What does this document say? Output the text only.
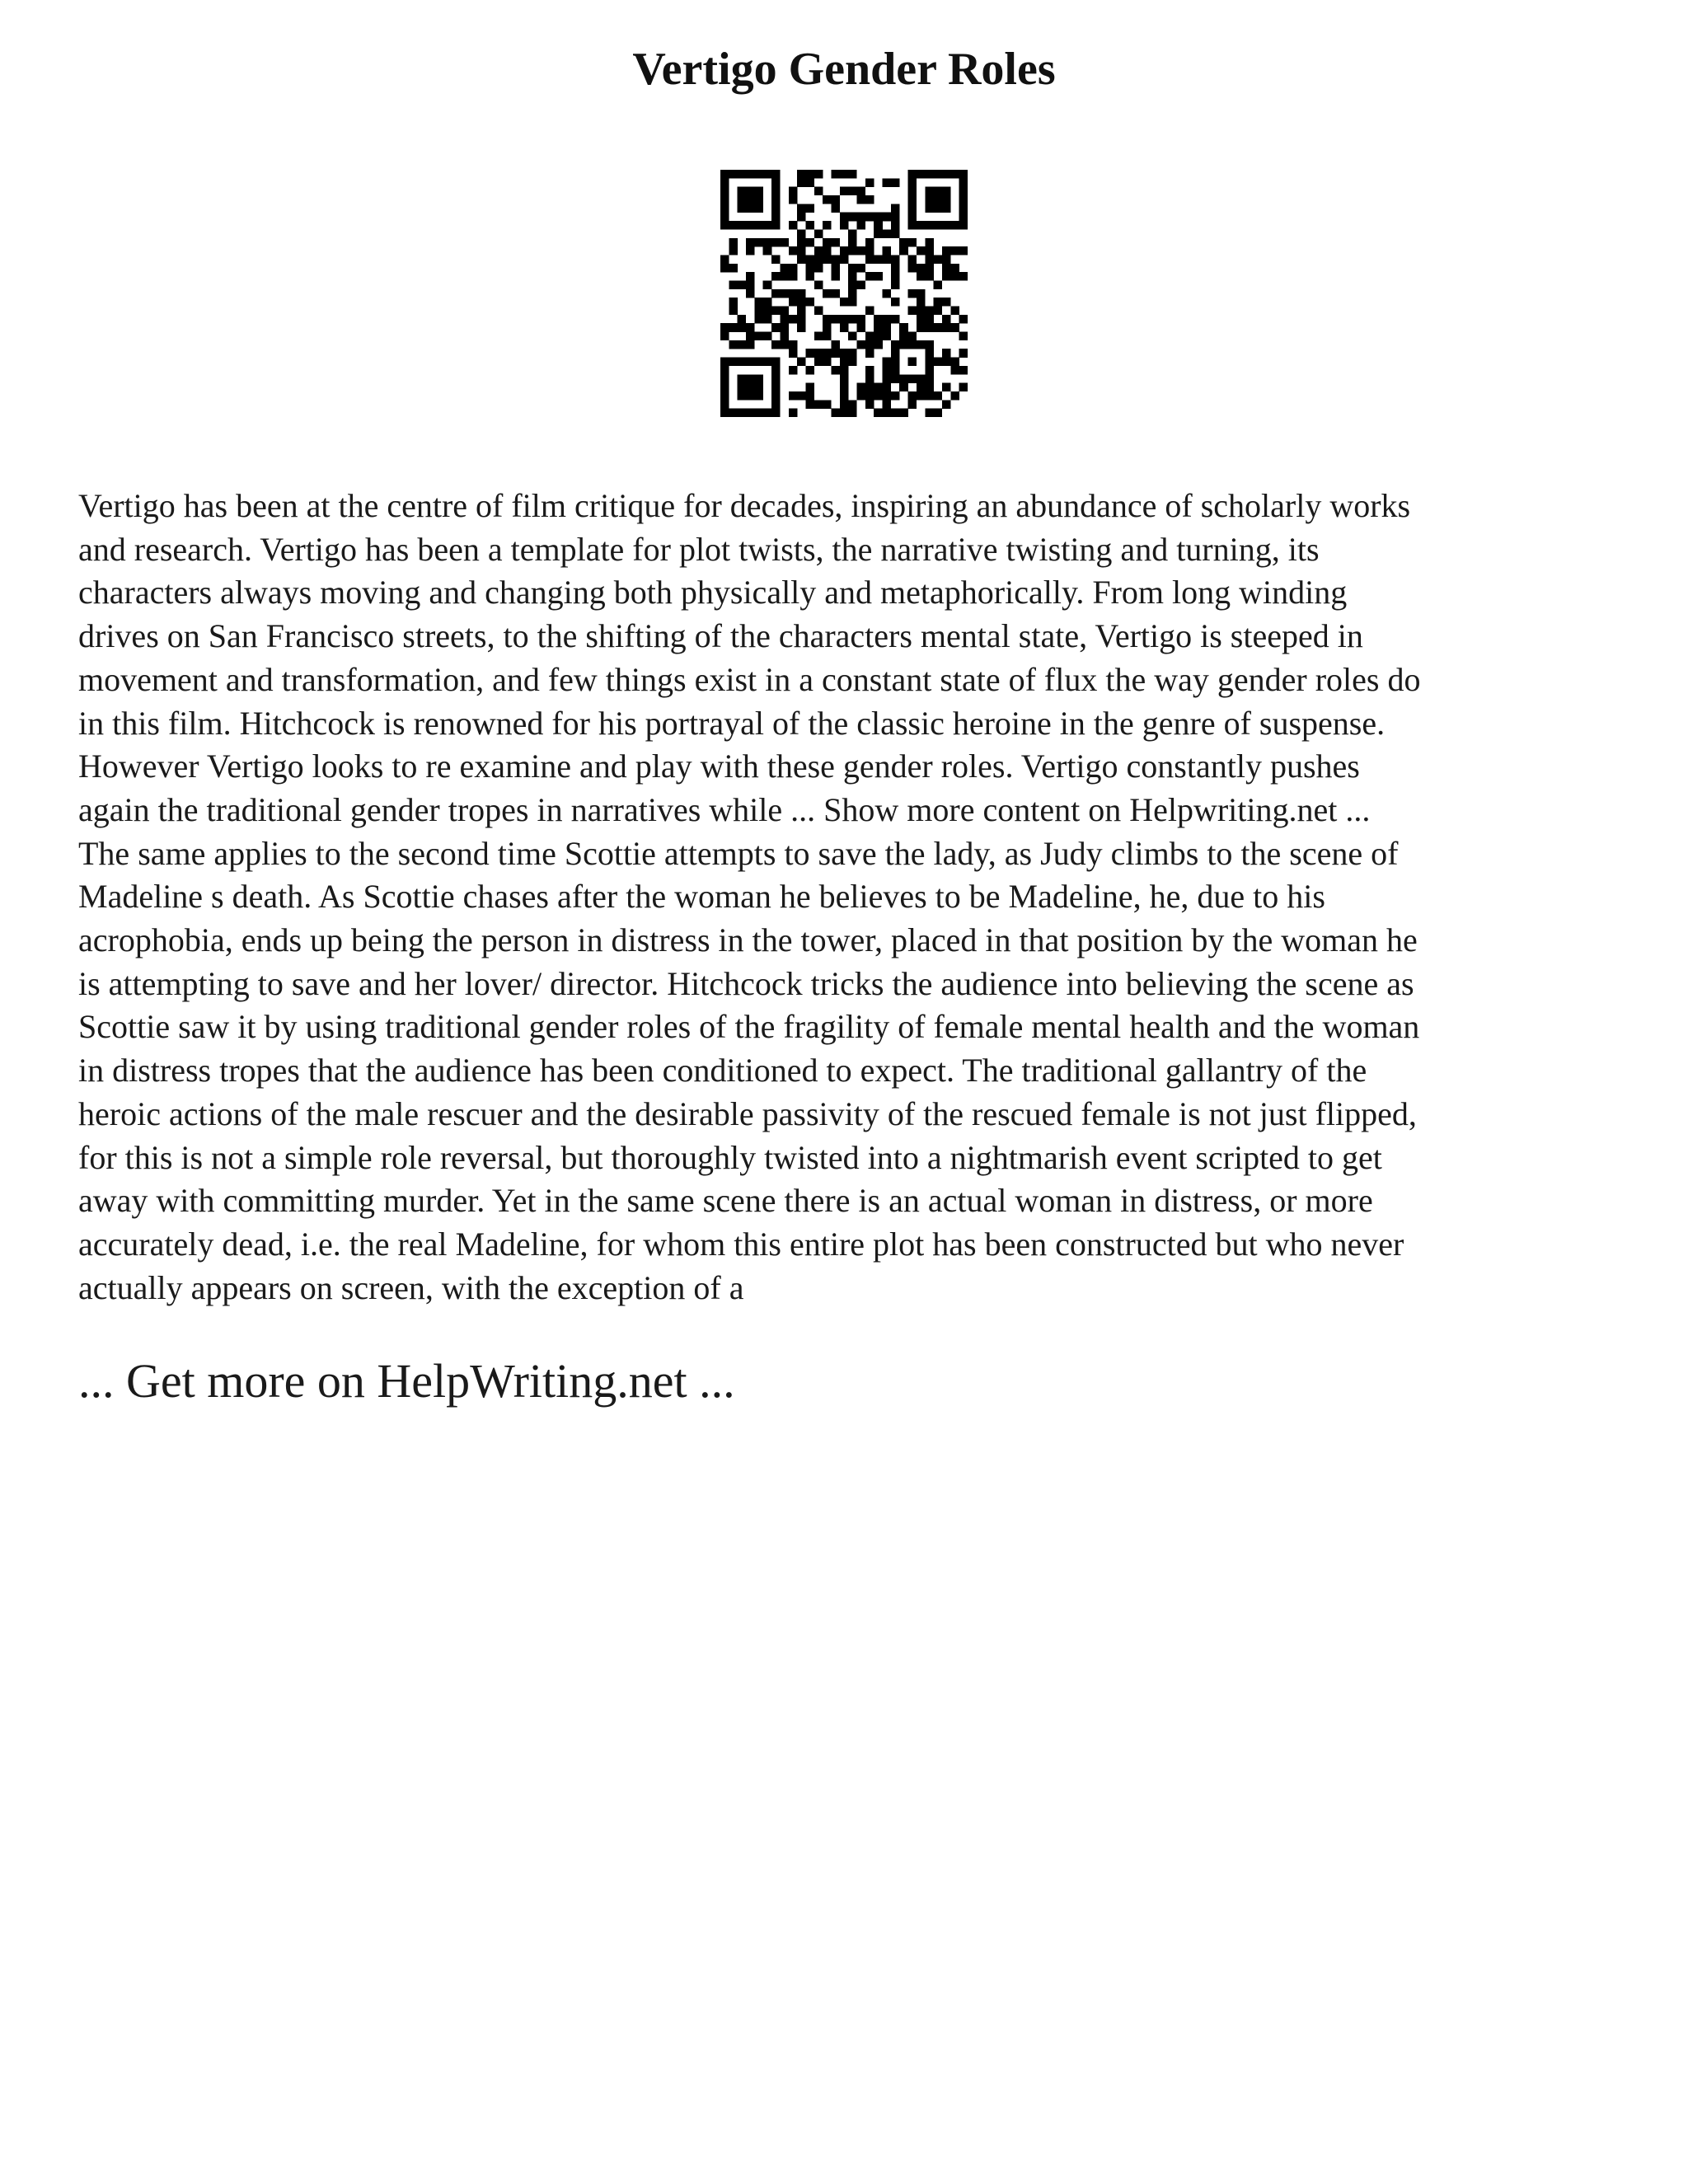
Vertigo Gender Roles
Vertigo has been at the centre of film critique for decades, inspiring an abundance of scholarly works
and research. Vertigo has been a template for plot twists, the narrative twisting and turning, its
characters always moving and changing both physically and metaphorically. From long winding
drives on San Francisco streets, to the shifting of the characters mental state, Vertigo is steeped in
movement and transformation, and few things exist in a constant state of flux the way gender roles do
in this film. Hitchcock is renowned for his portrayal of the classic heroine in the genre of suspense.
However Vertigo looks to re examine and play with these gender roles. Vertigo constantly pushes
again the traditional gender tropes in narratives while ... Show more content on Helpwriting.net ...
The same applies to the second time Scottie attempts to save the lady, as Judy climbs to the scene of
Madeline s death. As Scottie chases after the woman he believes to be Madeline, he, due to his
acrophobia, ends up being the person in distress in the tower, placed in that position by the woman he
is attempting to save and her lover/ director. Hitchcock tricks the audience into believing the scene as
Scottie saw it by using traditional gender roles of the fragility of female mental health and the woman
in distress tropes that the audience has been conditioned to expect. The traditional gallantry of the
heroic actions of the male rescuer and the desirable passivity of the rescued female is not just flipped,
for this is not a simple role reversal, but thoroughly twisted into a nightmarish event scripted to get
away with committing murder. Yet in the same scene there is an actual woman in distress, or more
accurately dead, i.e. the real Madeline, for whom this entire plot has been constructed but who never
actually appears on screen, with the exception of a
... Get more on HelpWriting.net ...
